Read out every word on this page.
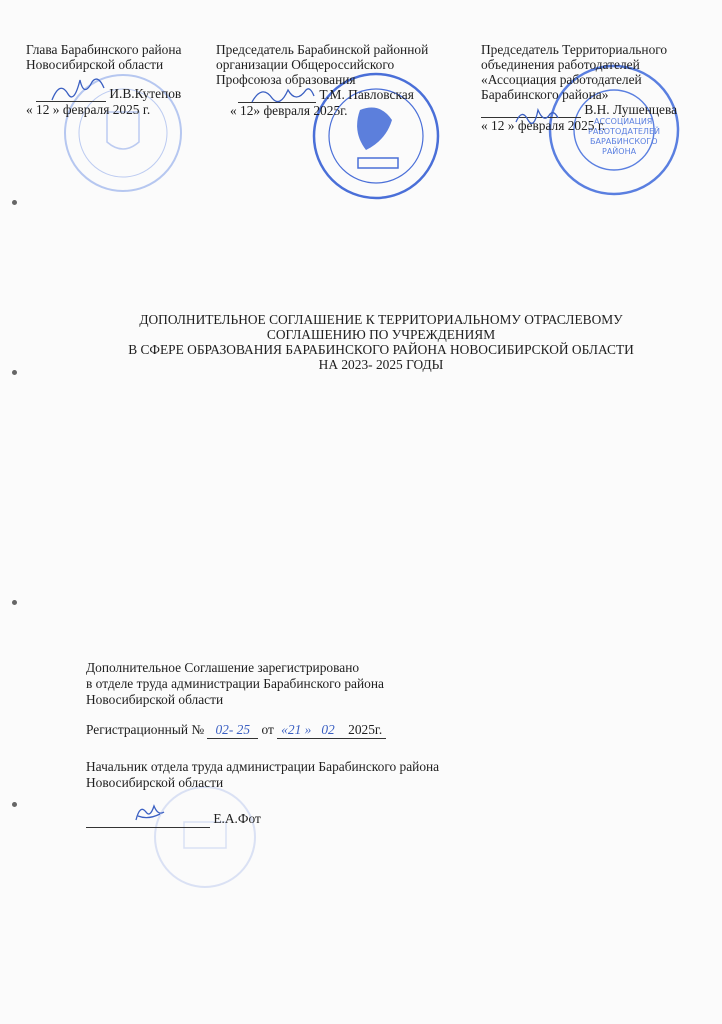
АССОЦИАЦИЯ
РАБОТОДАТЕЛЕЙ
БАРАБИНСКОГО
РАЙОНА
Глава Барабинского района
Новосибирской области
И.В.Кутепов
« 12 » февраля 2025 г.
Председатель Барабинской районной
организации Общероссийского
Профсоюза образования
Т.М. Павловская
« 12» февраля 2025г.
Председатель Территориального
объединения работодателей
«Ассоциация работодателей
Барабинского района»
В.Н. Лушенцева
« 12 » февраля 2025 г.
ДОПОЛНИТЕЛЬНОЕ СОГЛАШЕНИЕ К ТЕРРИТОРИАЛЬНОМУ ОТРАСЛЕВОМУ
СОГЛАШЕНИЮ ПО УЧРЕЖДЕНИЯМ
В СФЕРЕ ОБРАЗОВАНИЯ БАРАБИНСКОГО РАЙОНА НОВОСИБИРСКОЙ ОБЛАСТИ
НА 2023- 2025 ГОДЫ
Дополнительное Соглашение зарегистрировано
в отделе труда администрации Барабинского района
Новосибирской области
Регистрационный № 02- 25 от «21 » 02 2025г.
Начальник отдела труда администрации Барабинского района
Новосибирской области
Е.А.Фот
